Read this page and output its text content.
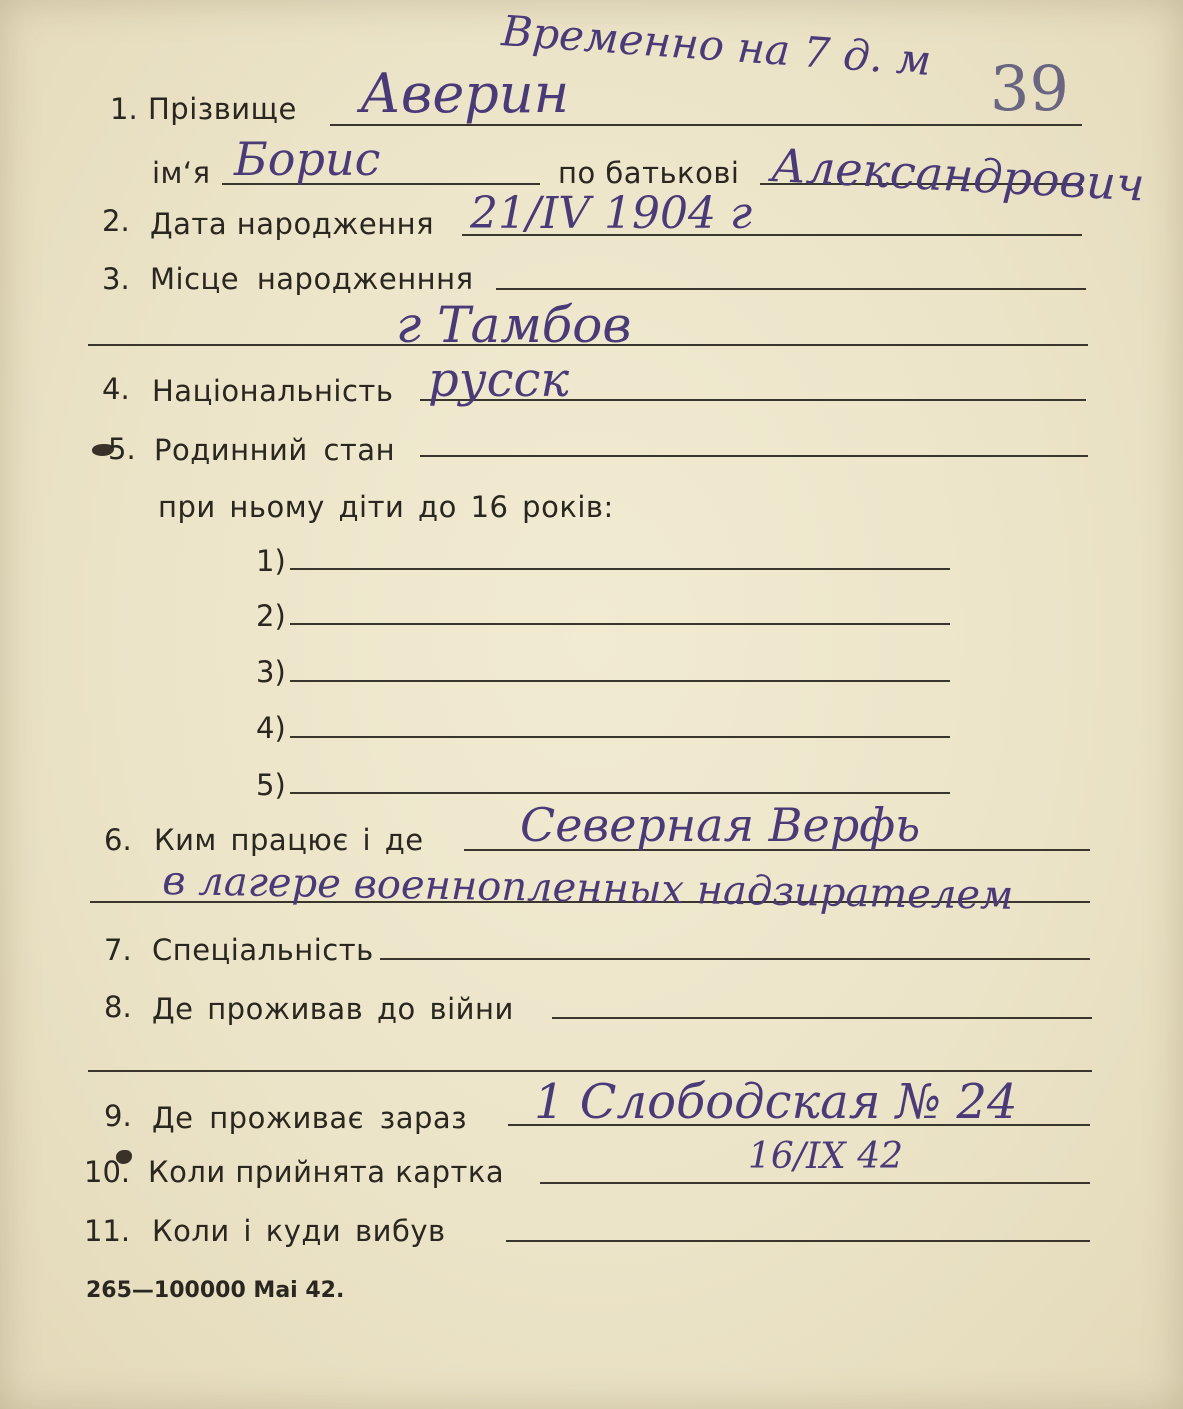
Временно на 7 д. м
39
1. Прізвище Аверин
ім‘я Борис	по батькові Александрович
2. Дата народження 21/IV 1904 г
3. Місце народженння
г Тамбов
4. Національність русск
5. Родинний стан
при ньому діти до 16 років:
1)
2)
3)
4)
5)
6. Ким працює і де Северная Верфь
в лагере военнопленных надзирателем
7. Спеціальність
8. Де проживав до війни
9. Де проживає зараз 1 Слободская № 24
10. Коли прийнята картка	16/IX 42
11. Коли і куди вибув
265—100000 Mai 42.
